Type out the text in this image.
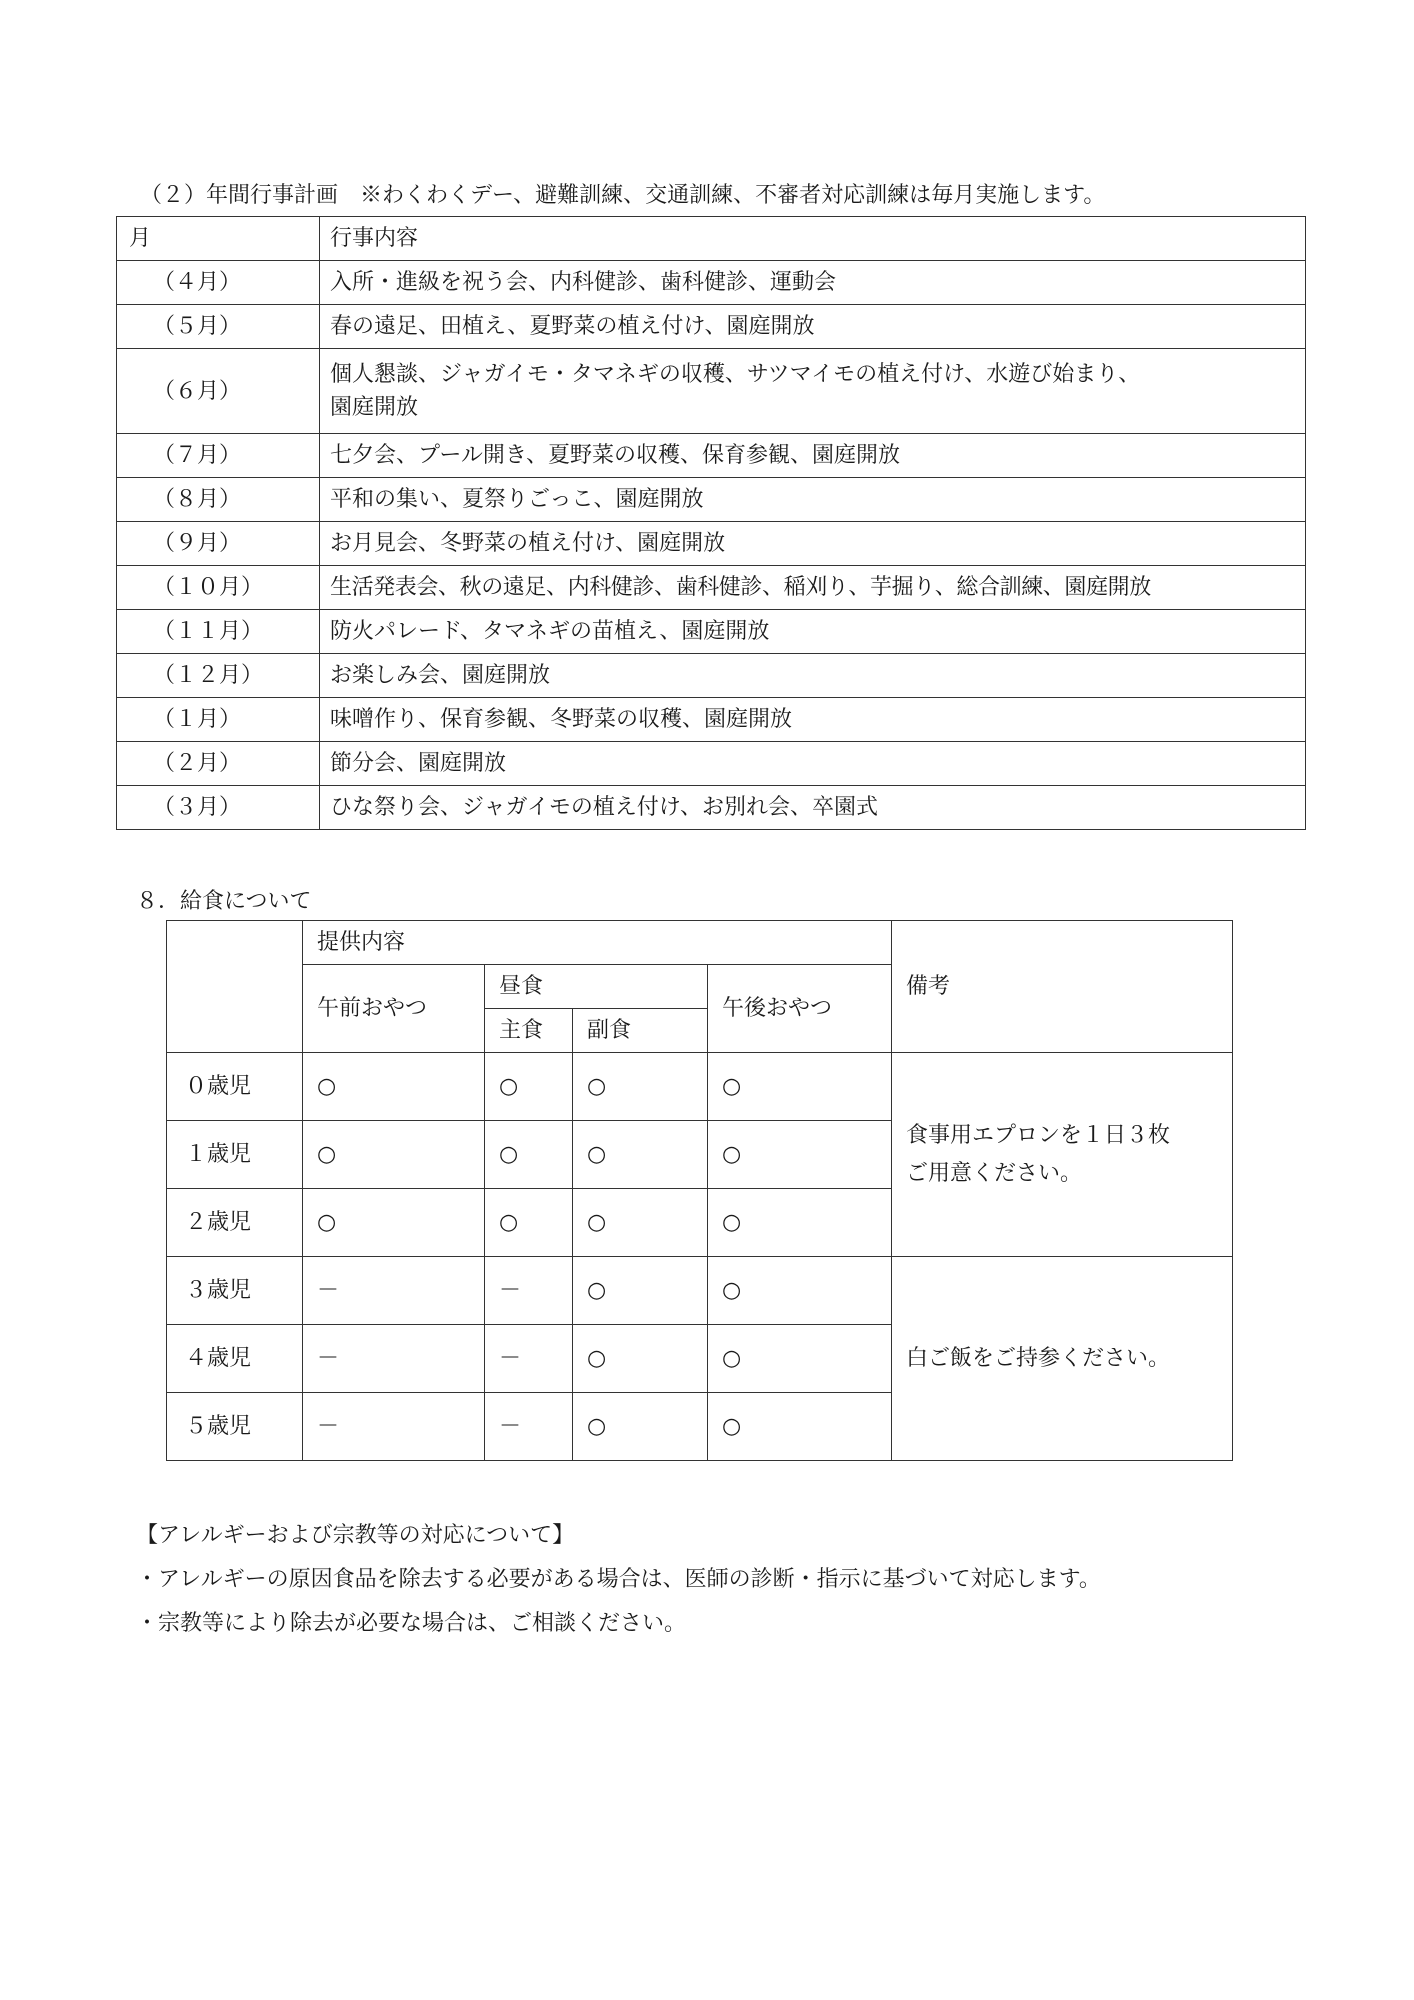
（２）年間行事計画　※わくわくデー、避難訓練、交通訓練、不審者対応訓練は毎月実施します。
月	行事内容
（４月）	入所・進級を祝う会、内科健診、歯科健診、運動会
（５月）	春の遠足、田植え、夏野菜の植え付け、園庭開放
（６月）	個人懇談、ジャガイモ・タマネギの収穫、サツマイモの植え付け、水遊び始まり、
園庭開放

（７月）	七夕会、プール開き、夏野菜の収穫、保育参観、園庭開放
（８月）	平和の集い、夏祭りごっこ、園庭開放
（９月）	お月見会、冬野菜の植え付け、園庭開放
（１０月）	生活発表会、秋の遠足、内科健診、歯科健診、稲刈り、芋掘り、総合訓練、園庭開放
（１１月）	防火パレード、タマネギの苗植え、園庭開放
（１２月）	お楽しみ会、園庭開放
（１月）	味噌作り、保育参観、冬野菜の収穫、園庭開放
（２月）	節分会、園庭開放
（３月）	ひな祭り会、ジャガイモの植え付け、お別れ会、卒園式
８．給食について
	提供内容				備考
	午前おやつ	昼食		午後おやつ	
		主食	副食		
０歳児	○	○	○	○	食事用エプロンを１日３枚
ご用意ください。

１歳児	○	○	○	○	
２歳児	○	○	○	○	
３歳児	－	－	○	○	白ご飯をご持参ください。
４歳児	－	－	○	○	
５歳児	－	－	○	○	
【アレルギーおよび宗教等の対応について】
・アレルギーの原因食品を除去する必要がある場合は、医師の診断・指示に基づいて対応します。
・宗教等により除去が必要な場合は、ご相談ください。
